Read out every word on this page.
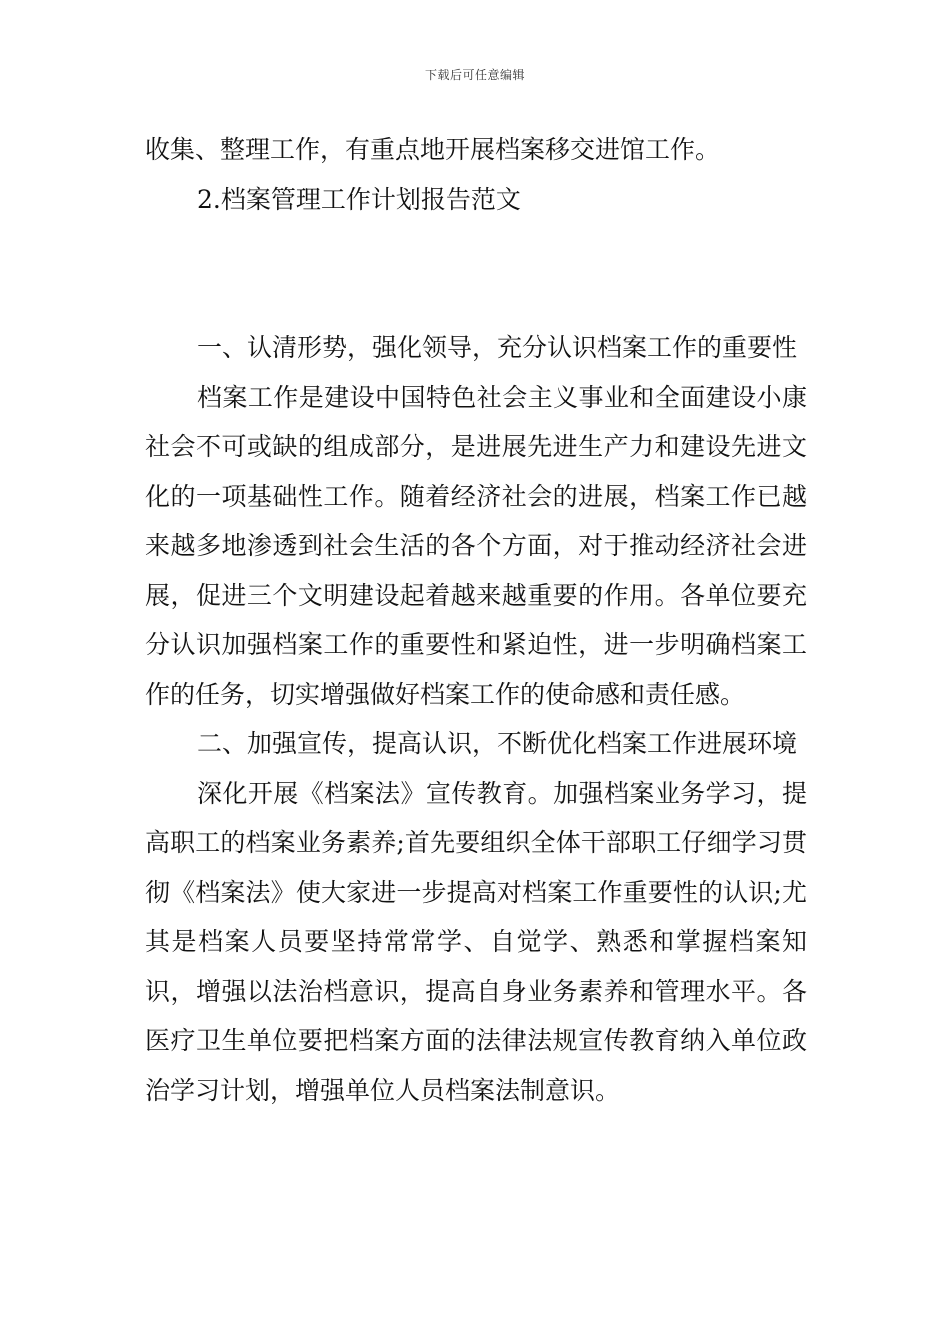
下载后可任意编辑

收集、整理工作，有重点地开展档案移交进馆工作。

2.档案管理工作计划报告范文

一、认清形势，强化领导，充分认识档案工作的重要性

档案工作是建设中国特色社会主义事业和全面建设小康社会不可或缺的组成部分，是进展先进生产力和建设先进文化的一项基础性工作。随着经济社会的进展，档案工作已越来越多地渗透到社会生活的各个方面，对于推动经济社会进展，促进三个文明建设起着越来越重要的作用。各单位要充分认识加强档案工作的重要性和紧迫性，进一步明确档案工作的任务，切实增强做好档案工作的使命感和责任感。

二、加强宣传，提高认识，不断优化档案工作进展环境

深化开展《档案法》宣传教育。加强档案业务学习，提高职工的档案业务素养;首先要组织全体干部职工仔细学习贯彻《档案法》使大家进一步提高对档案工作重要性的认识;尤其是档案人员要坚持常常学、自觉学、熟悉和掌握档案知识，增强以法治档意识，提高自身业务素养和管理水平。各医疗卫生单位要把档案方面的法律法规宣传教育纳入单位政治学习计划，增强单位人员档案法制意识。
